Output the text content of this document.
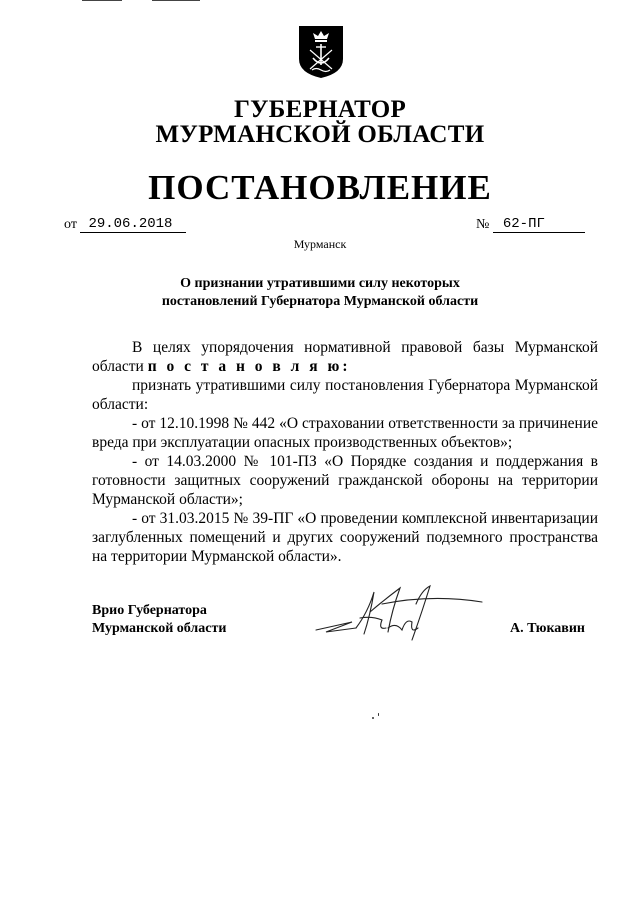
ГУБЕРНАТОР
МУРМАНСКОЙ ОБЛАСТИ
ПОСТАНОВЛЕНИЕ
от 29.06.2018	№ 62-ПГ
Мурманск
О признании утратившими силу некоторых
постановлений Губернатора Мурманской области

В целях упорядочения нормативной правовой базы Мурманской области п о с т а н о в л я ю:

признать утратившими силу постановления Губернатора Мурманской области:

- от 12.10.1998 № 442 «О страховании ответственности за причинение вреда при эксплуатации опасных производственных объектов»;

- от 14.03.2000 № 101-ПЗ «О Порядке создания и поддержания в готовности защитных сооружений гражданской обороны на территории Мурманской области»;

- от 31.03.2015 № 39-ПГ «О проведении комплексной инвентаризации заглубленных помещений и других сооружений подземного пространства на территории Мурманской области».

Врио Губернатора
Мурманской области	А. Тюкавин
